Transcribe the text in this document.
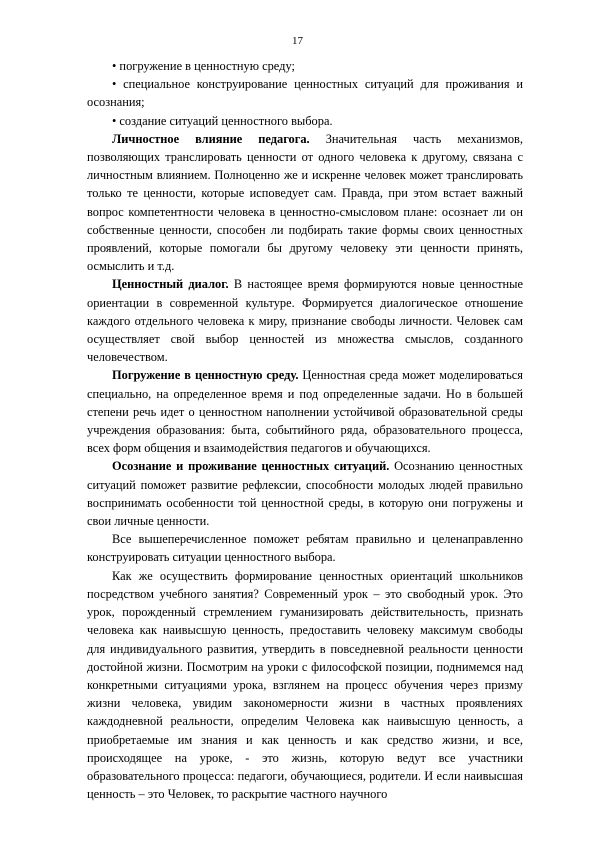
17

• погружение в ценностную среду;

• специальное конструирование ценностных ситуаций для проживания и осознания;

• создание ситуаций ценностного выбора.

Личностное влияние педагога. Значительная часть механизмов, позволяющих транслировать ценности от одного человека к другому, связана с личностным влиянием. Полноценно же и искренне человек может транслировать только те ценности, которые исповедует сам. Правда, при этом встает важный вопрос компетентности человека в ценностно-смысловом плане: осознает ли он собственные ценности, способен ли подбирать такие формы своих ценностных проявлений, которые помогали бы другому человеку эти ценности принять, осмыслить и т.д.

Ценностный диалог. В настоящее время формируются новые ценностные ориентации в современной культуре. Формируется диалогическое отношение каждого отдельного человека к миру, признание свободы личности. Человек сам осуществляет свой выбор ценностей из множества смыслов, созданного человечеством.

Погружение в ценностную среду. Ценностная среда может моделироваться специально, на определенное время и под определенные задачи. Но в большей степени речь идет о ценностном наполнении устойчивой образовательной среды учреждения образования: быта, событийного ряда, образовательного процесса, всех форм общения и взаимодействия педагогов и обучающихся.

Осознание и проживание ценностных ситуаций. Осознанию ценностных ситуаций поможет развитие рефлексии, способности молодых людей правильно воспринимать особенности той ценностной среды, в которую они погружены и свои личные ценности.

Все вышеперечисленное поможет ребятам правильно и целенаправленно конструировать ситуации ценностного выбора.

Как же осуществить формирование ценностных ориентаций школьников посредством учебного занятия? Современный урок – это свободный урок. Это урок, порожденный стремлением гуманизировать действительность, признать человека как наивысшую ценность, предоставить человеку максимум свободы для индивидуального развития, утвердить в повседневной реальности ценности достойной жизни. Посмотрим на уроки с философской позиции, поднимемся над конкретными ситуациями урока, взглянем на процесс обучения через призму жизни человека, увидим закономерности жизни в частных проявлениях каждодневной реальности, определим Человека как наивысшую ценность, а приобретаемые им знания и как ценность и как средство жизни, и все, происходящее на уроке, - это жизнь, которую ведут все участники образовательного процесса: педагоги, обучающиеся, родители. И если наивысшая ценность – это Человек, то раскрытие частного научного
